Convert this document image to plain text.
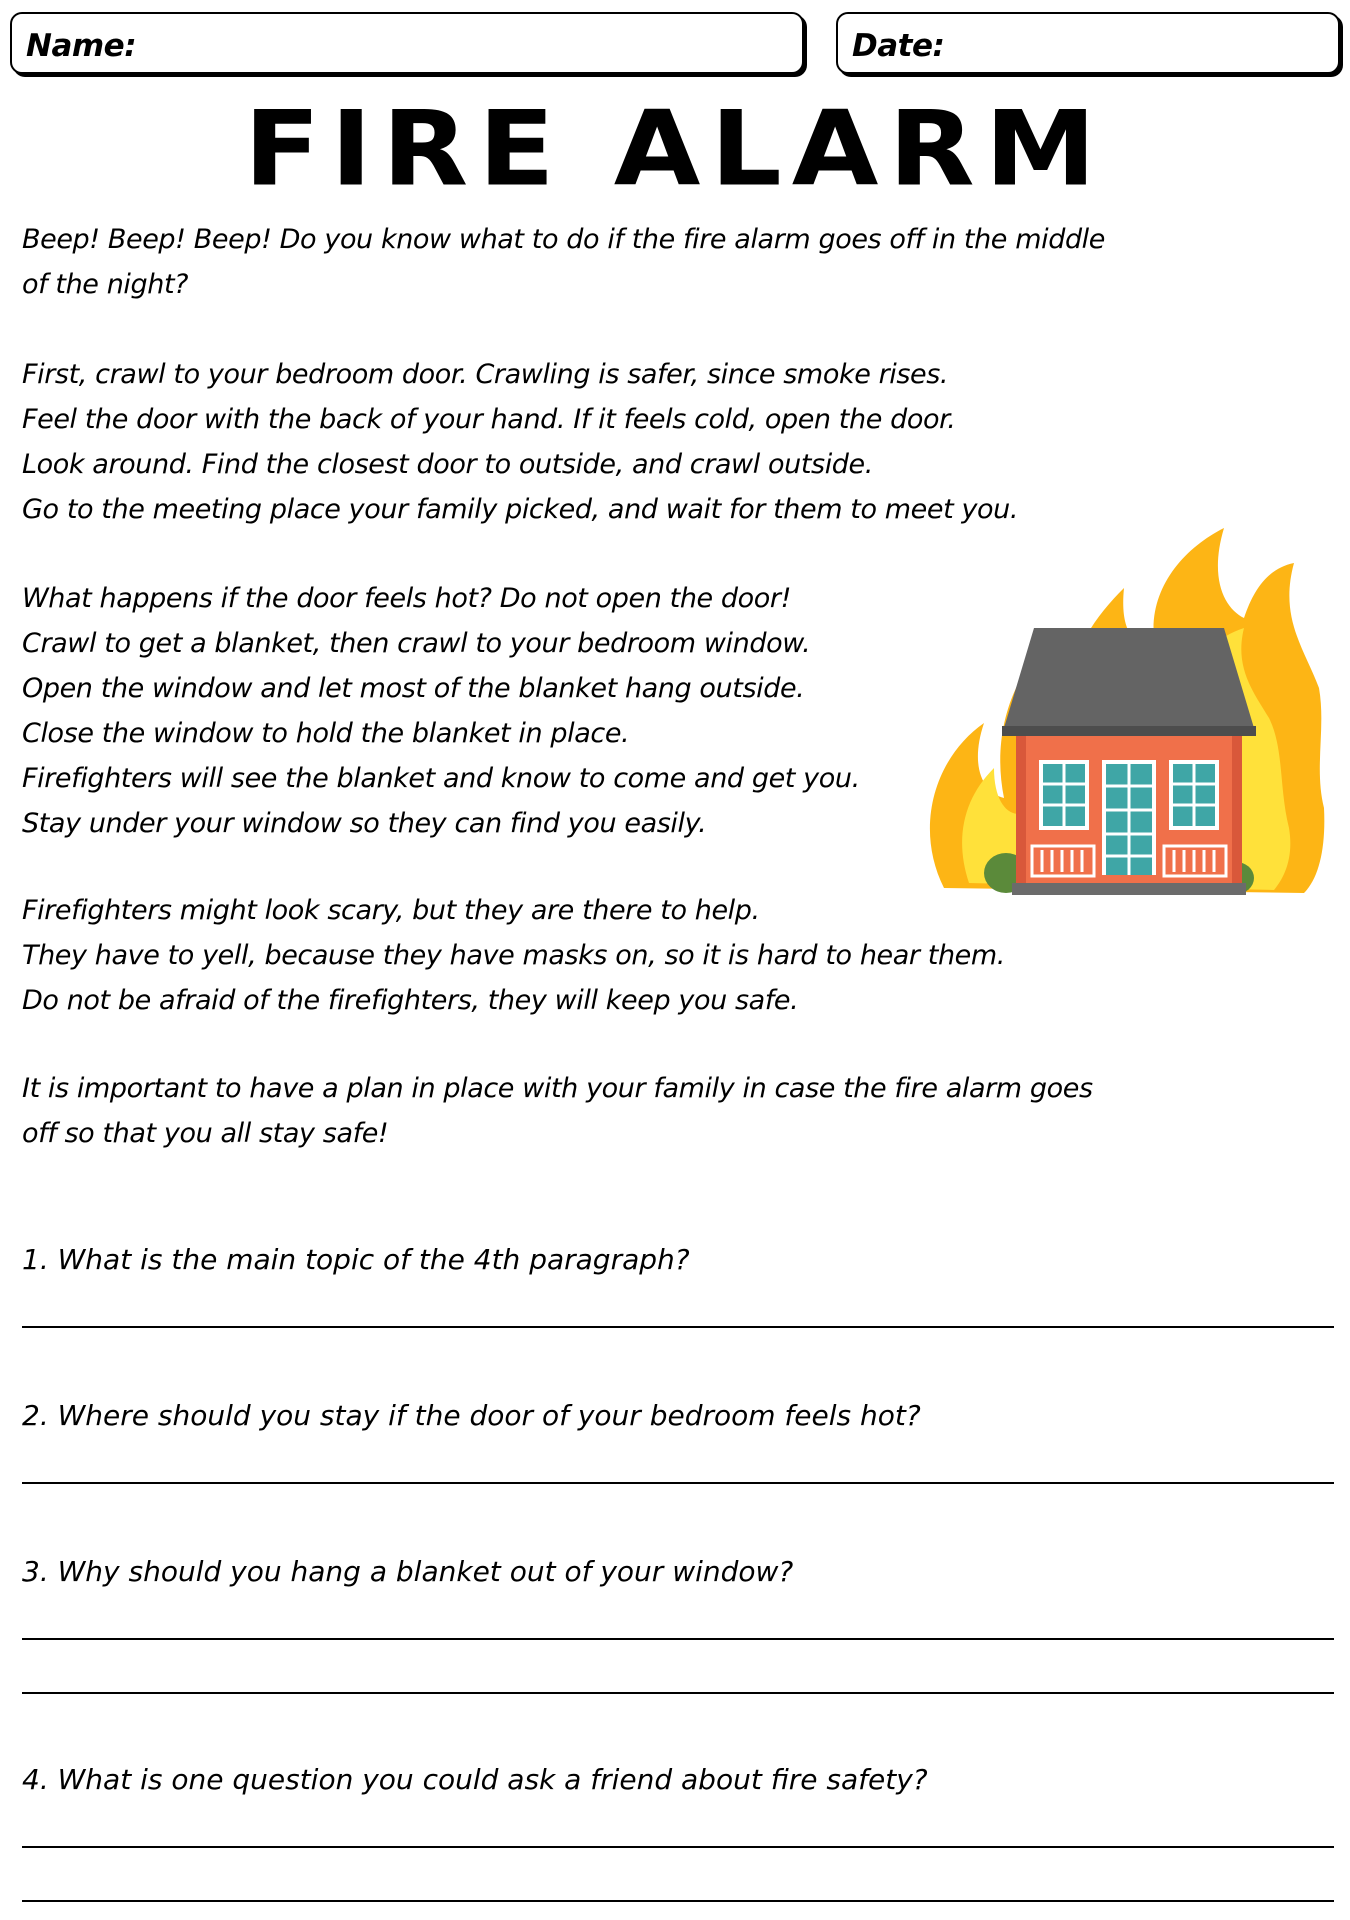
Name:	Date:
FIRE ALARM
Beep! Beep! Beep! Do you know what to do if the fire alarm goes off in the middle
of the night?
First, crawl to your bedroom door. Crawling is safer, since smoke rises.
Feel the door with the back of your hand. If it feels cold, open the door.
Look around. Find the closest door to outside, and crawl outside.
Go to the meeting place your family picked, and wait for them to meet you.
What happens if the door feels hot? Do not open the door!
Crawl to get a blanket, then crawl to your bedroom window.
Open the window and let most of the blanket hang outside.
Close the window to hold the blanket in place.
Firefighters will see the blanket and know to come and get you.
Stay under your window so they can find you easily.
Firefighters might look scary, but they are there to help.
They have to yell, because they have masks on, so it is hard to hear them.
Do not be afraid of the firefighters, they will keep you safe.
It is important to have a plan in place with your family in case the fire alarm goes
off so that you all stay safe!
1. What is the main topic of the 4th paragraph?
2. Where should you stay if the door of your bedroom feels hot?
3. Why should you hang a blanket out of your window?
4. What is one question you could ask a friend about fire safety?
